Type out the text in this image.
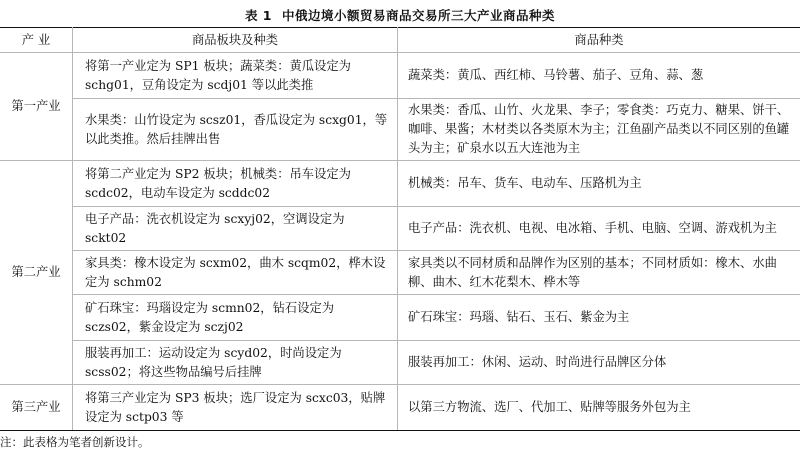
表 1 中俄边境小额贸易商品交易所三大产业商品种类
产 业	商品板块及种类	商品种类
第一产业	将第一产业定为 SP1 板块；蔬菜类：黄瓜设定为 schg01，豆角设定为 scdj01 等以此类推	蔬菜类：黄瓜、西红柿、马铃薯、茄子、豆角、蒜、葱
	水果类：山竹设定为 scsz01，香瓜设定为 scxg01，等以此类推。然后挂牌出售	水果类：香瓜、山竹、火龙果、李子；零食类：巧克力、糖果、饼干、咖啡、果酱；木材类以各类原木为主；江鱼副产品类以不同区别的鱼罐头为主；矿泉水以五大连池为主
第二产业	将第二产业定为 SP2 板块；机械类：吊车设定为 scdc02，电动车设定为 scddc02	机械类：吊车、货车、电动车、压路机为主
	电子产品：洗衣机设定为 scxyj02，空调设定为 sckt02	电子产品：洗衣机、电视、电冰箱、手机、电脑、空调、游戏机为主
	家具类：橡木设定为 scxm02，曲木 scqm02，桦木设定为 schm02	家具类以不同材质和品牌作为区别的基本；不同材质如：橡木、水曲柳、曲木、红木花梨木、桦木等
	矿石珠宝：玛瑙设定为 scmn02，钻石设定为 sczs02，紫金设定为 sczj02	矿石珠宝：玛瑙、钻石、玉石、紫金为主
	服装再加工：运动设定为 scyd02，时尚设定为 scss02；将这些物品编号后挂牌	服装再加工：休闲、运动、时尚进行品牌区分体
第三产业	将第三产业定为 SP3 板块；选厂设定为 scxc03，贴牌设定为 sctp03 等	以第三方物流、选厂、代加工、贴牌等服务外包为主
注：此表格为笔者创新设计。
